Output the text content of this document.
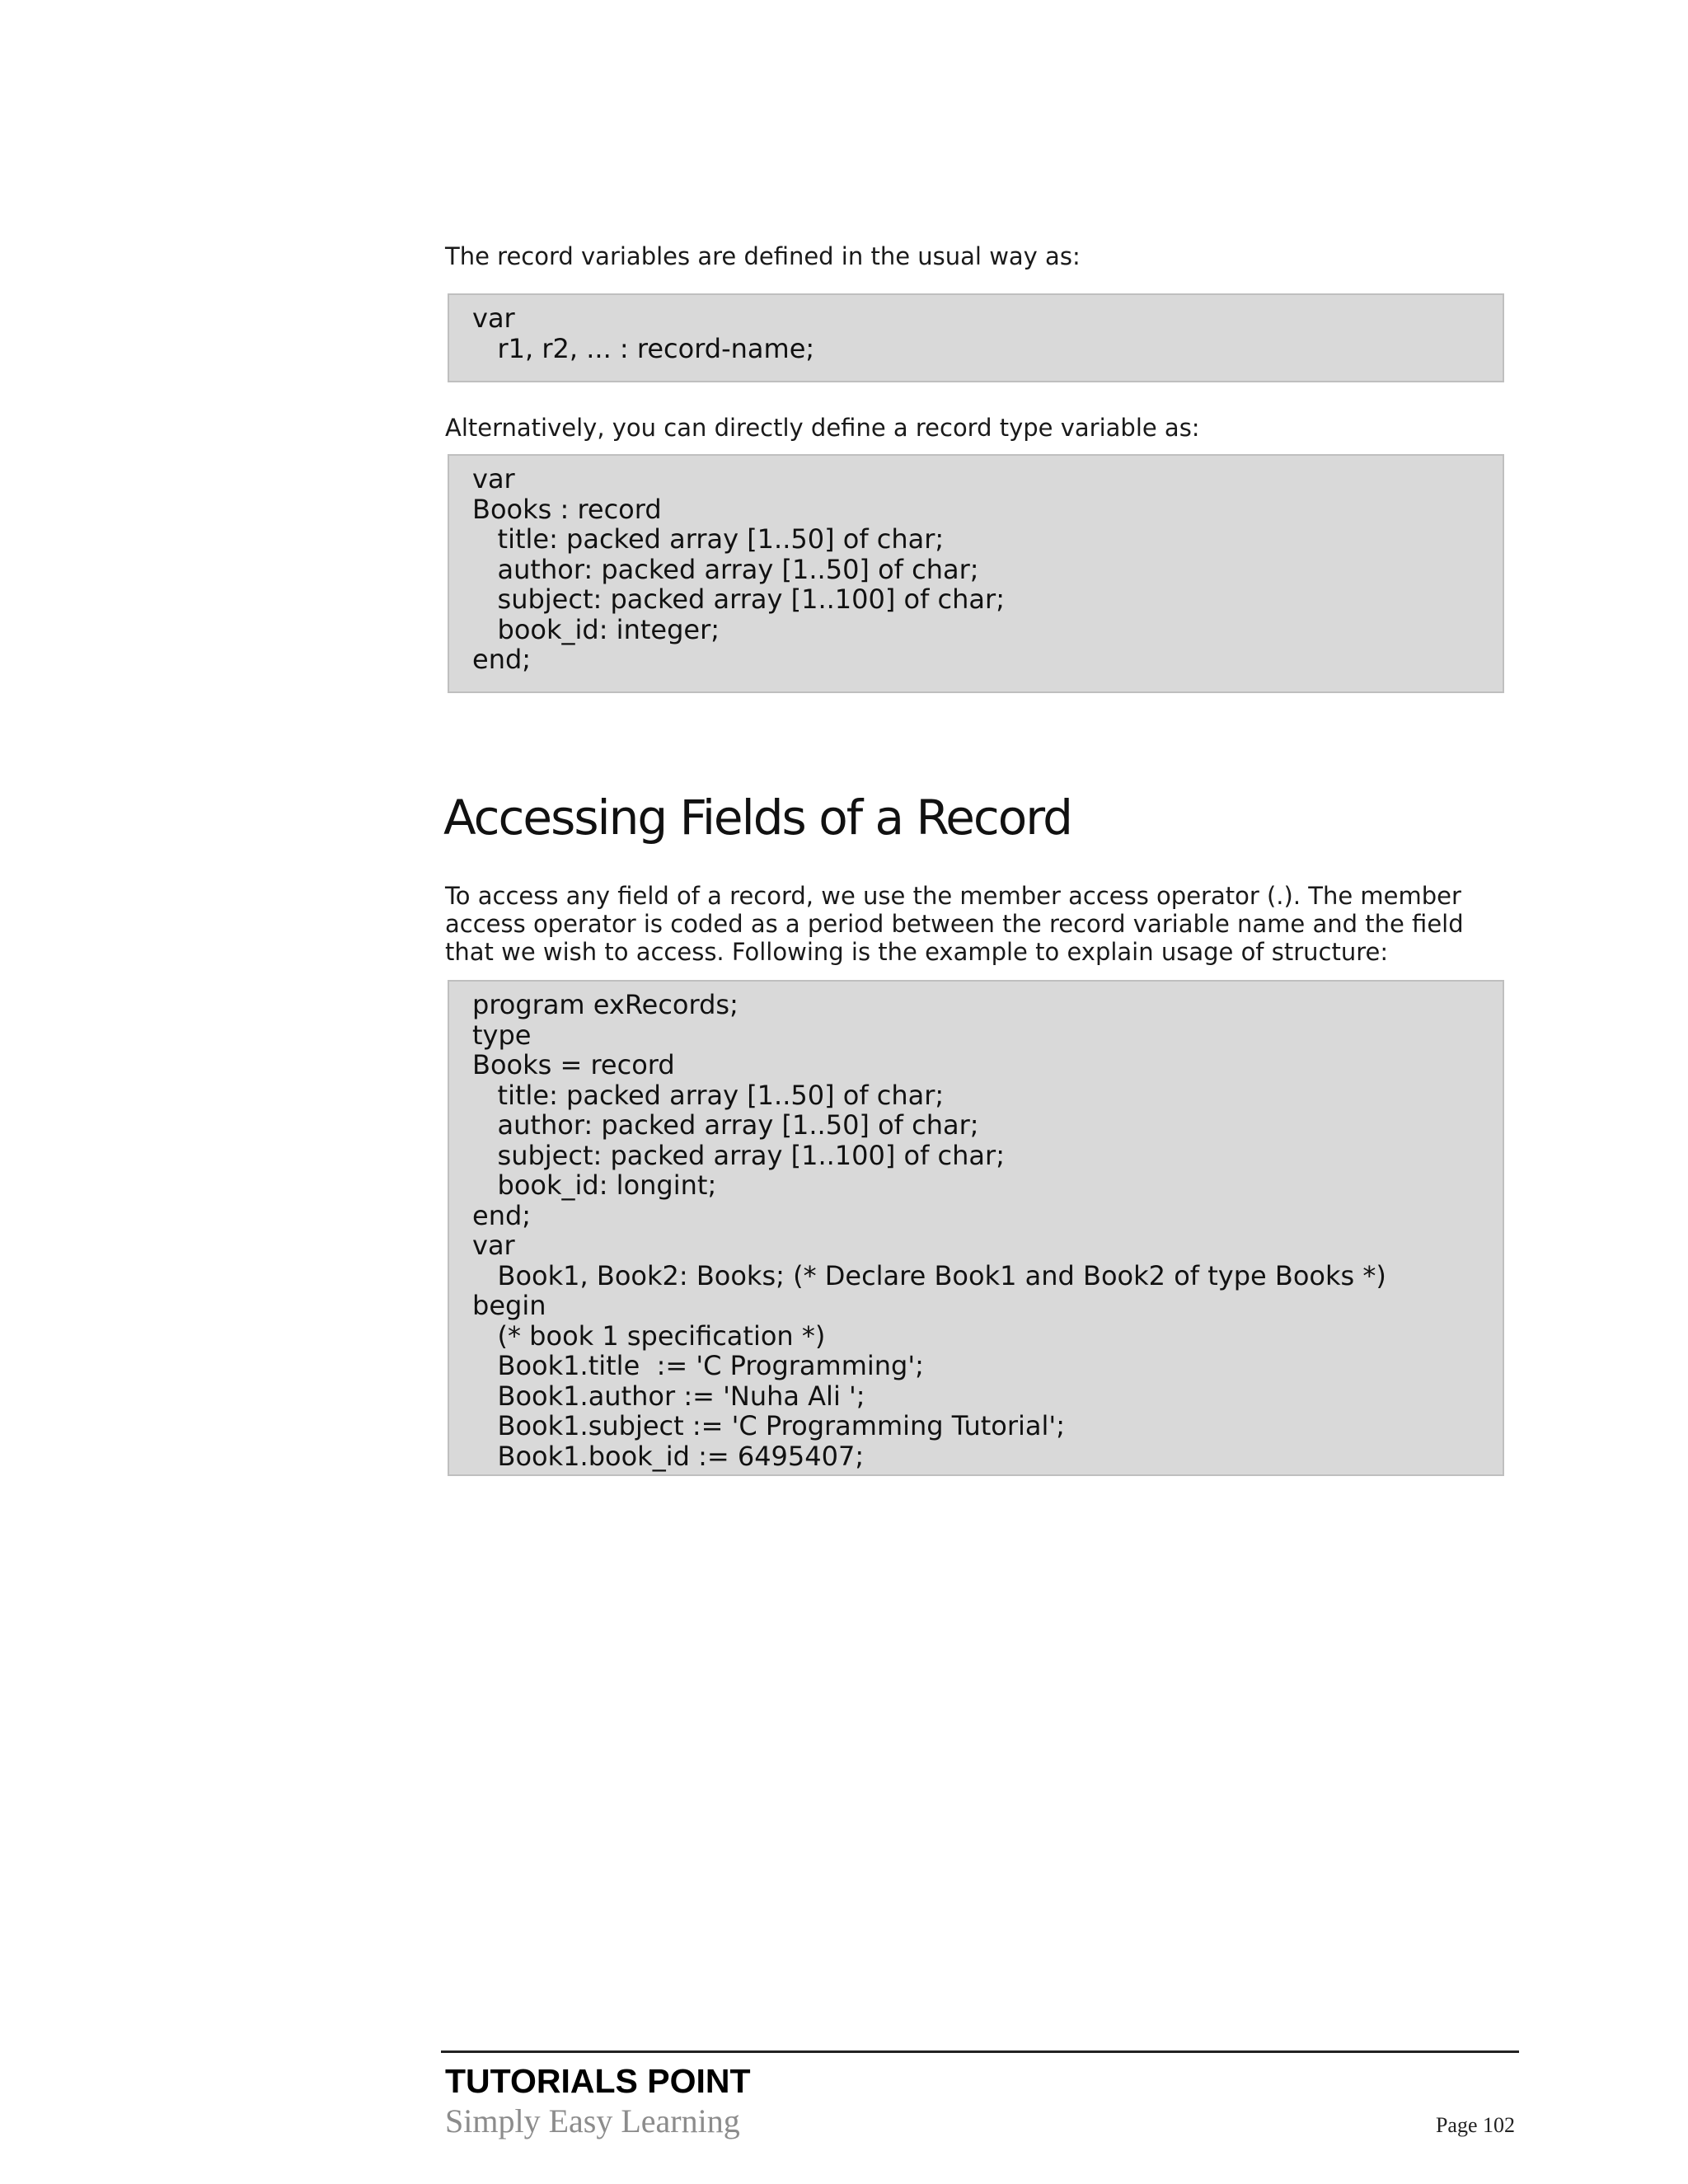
The record variables are defined in the usual way as:

var
r1, r2, ... : record-name;

Alternatively, you can directly define a record type variable as:

var
Books : record
title: packed array [1..50] of char;
author: packed array [1..50] of char;
subject: packed array [1..100] of char;
book_id: integer;
end;
Accessing Fields of a Record

To access any field of a record, we use the member access operator (.). The member access operator is coded as a period between the record variable name and the field that we wish to access. Following is the example to explain usage of structure:

program exRecords;
type
Books = record
title: packed array [1..50] of char;
author: packed array [1..50] of char;
subject: packed array [1..100] of char;
book_id: longint;
end;
var
Book1, Book2: Books; (* Declare Book1 and Book2 of type Books *)
begin
(* book 1 specification *)
Book1.title  := 'C Programming';
Book1.author := 'Nuha Ali ';
Book1.subject := 'C Programming Tutorial';
Book1.book_id := 6495407;
TUTORIALS POINT
Simply Easy Learning	Page 102
